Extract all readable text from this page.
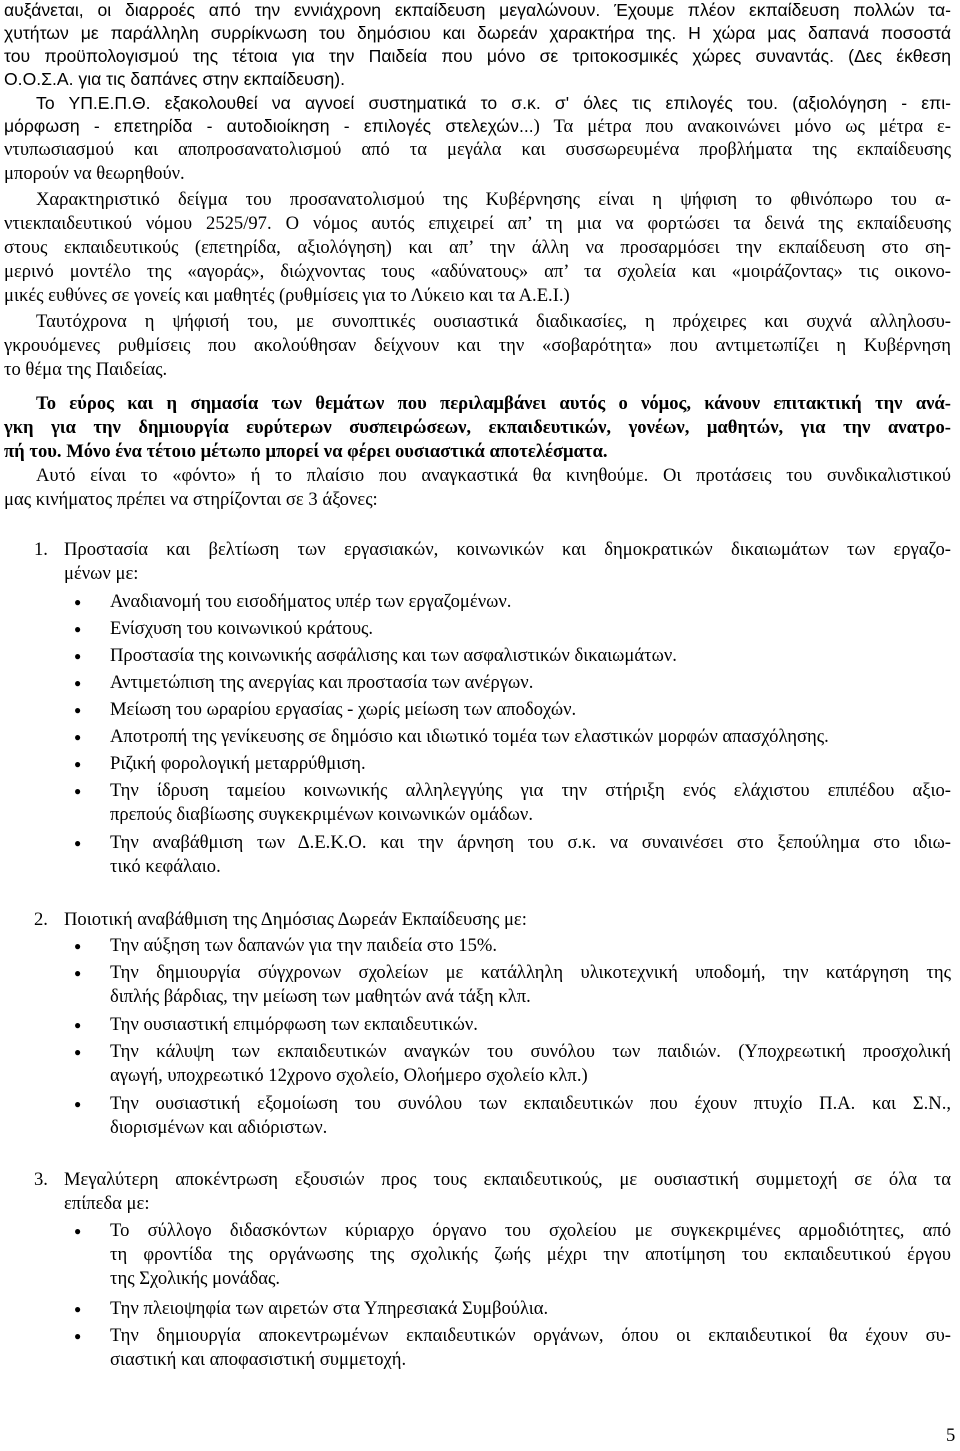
αυξάνεται, οι διαρροές από την εννιάχρονη εκπαίδευση μεγαλώνουν. Έχουμε πλέον εκπαίδευση πολλών τα-
χυτήτων με παράλληλη συρρίκνωση του δημόσιου και δωρεάν χαρακτήρα της. Η χώρα μας δαπανά ποσοστά
του προϋπολογισμού της τέτοια για την Παιδεία που μόνο σε τριτοκοσμικές χώρες συναντάς. (Δες έκθεση
Ο.Ο.Σ.Α. για τις δαπάνες στην εκπαίδευση).
Το ΥΠ.Ε.Π.Θ. εξακολουθεί να αγνοεί συστηματικά το σ.κ. σ' όλες τις επιλογές του. (αξιολόγηση - επι-
μόρφωση - επετηρίδα - αυτοδιοίκηση - επιλογές στελεχών...) Τα μέτρα που ανακοινώνει μόνο ως μέτρα ε-
ντυπωσιασμού και αποπροσανατολισμού από τα μεγάλα και συσσωρευμένα προβλήματα της εκπαίδευσης
μπορούν να θεωρηθούν.
Χαρακτηριστικό δείγμα του προσανατολισμού της Κυβέρνησης είναι η ψήφιση το φθινόπωρο του α-
ντιεκπαιδευτικού νόμου 2525/97. Ο νόμος αυτός επιχειρεί απ’ τη μια να φορτώσει τα δεινά της εκπαίδευσης
στους εκπαιδευτικούς (επετηρίδα, αξιολόγηση) και απ’ την άλλη να προσαρμόσει την εκπαίδευση στο ση-
μερινό μοντέλο της «αγοράς», διώχνοντας τους «αδύνατους» απ’ τα σχολεία και «μοιράζοντας» τις οικονο-
μικές ευθύνες σε γονείς και μαθητές (ρυθμίσεις για το Λύκειο και τα Α.Ε.Ι.)
Ταυτόχρονα η ψήφισή του, με συνοπτικές ουσιαστικά διαδικασίες, η πρόχειρες και συχνά αλληλοσυ-
γκρουόμενες ρυθμίσεις που ακολούθησαν δείχνουν και την «σοβαρότητα» που αντιμετωπίζει η Κυβέρνηση
το θέμα της Παιδείας.
Το εύρος και η σημασία των θεμάτων που περιλαμβάνει αυτός ο νόμος, κάνουν επιτακτική την ανά-
γκη για την δημιουργία ευρύτερων συσπειρώσεων, εκπαιδευτικών, γονέων, μαθητών, για την ανατρο-
πή του. Μόνο ένα τέτοιο μέτωπο μπορεί να φέρει ουσιαστικά αποτελέσματα.
Αυτό είναι το «φόντο» ή το πλαίσιο που αναγκαστικά θα κινηθούμε. Οι προτάσεις του συνδικαλιστικού
μας κινήματος πρέπει να στηρίζονται σε 3 άξονες:
1. Προστασία και βελτίωση των εργασιακών, κοινωνικών και δημοκρατικών δικαιωμάτων των εργαζο-
μένων με:
● Αναδιανομή του εισοδήματος υπέρ των εργαζομένων.
● Ενίσχυση του κοινωνικού κράτους.
● Προστασία της κοινωνικής ασφάλισης και των ασφαλιστικών δικαιωμάτων.
● Αντιμετώπιση της ανεργίας και προστασία των ανέργων.
● Μείωση του ωραρίου εργασίας - χωρίς μείωση των αποδοχών.
● Αποτροπή της γενίκευσης σε δημόσιο και ιδιωτικό τομέα των ελαστικών μορφών απασχόλησης.
● Ριζική φορολογική μεταρρύθμιση.
● Την ίδρυση ταμείου κοινωνικής αλληλεγγύης για την στήριξη ενός ελάχιστου επιπέδου αξιο-
πρεπούς διαβίωσης συγκεκριμένων κοινωνικών ομάδων.
● Την αναβάθμιση των Δ.Ε.Κ.Ο. και την άρνηση του σ.κ. να συναινέσει στο ξεπούλημα στο ιδιω-
τικό κεφάλαιο.
2. Ποιοτική αναβάθμιση της Δημόσιας Δωρεάν Εκπαίδευσης με:
● Την αύξηση των δαπανών για την παιδεία στο 15%.
● Την δημιουργία σύγχρονων σχολείων με κατάλληλη υλικοτεχνική υποδομή, την κατάργηση της
διπλής βάρδιας, την μείωση των μαθητών ανά τάξη κλπ.
● Την ουσιαστική επιμόρφωση των εκπαιδευτικών.
● Την κάλυψη των εκπαιδευτικών αναγκών του συνόλου των παιδιών. (Υποχρεωτική προσχολική
αγωγή, υποχρεωτικό 12χρονο σχολείο, Ολοήμερο σχολείο κλπ.)
● Την ουσιαστική εξομοίωση του συνόλου των εκπαιδευτικών που έχουν πτυχίο Π.Α. και Σ.Ν.,
διορισμένων και αδιόριστων.
3. Μεγαλύτερη αποκέντρωση εξουσιών προς τους εκπαιδευτικούς, με ουσιαστική συμμετοχή σε όλα τα
επίπεδα με:
● Το σύλλογο διδασκόντων κύριαρχο όργανο του σχολείου με συγκεκριμένες αρμοδιότητες, από
τη φροντίδα της οργάνωσης της σχολικής ζωής μέχρι την αποτίμηση του εκπαιδευτικού έργου
της Σχολικής μονάδας.
● Την πλειοψηφία των αιρετών στα Υπηρεσιακά Συμβούλια.
● Την δημιουργία αποκεντρωμένων εκπαιδευτικών οργάνων, όπου οι εκπαιδευτικοί θα έχουν συ-
σιαστική και αποφασιστική συμμετοχή.
5
